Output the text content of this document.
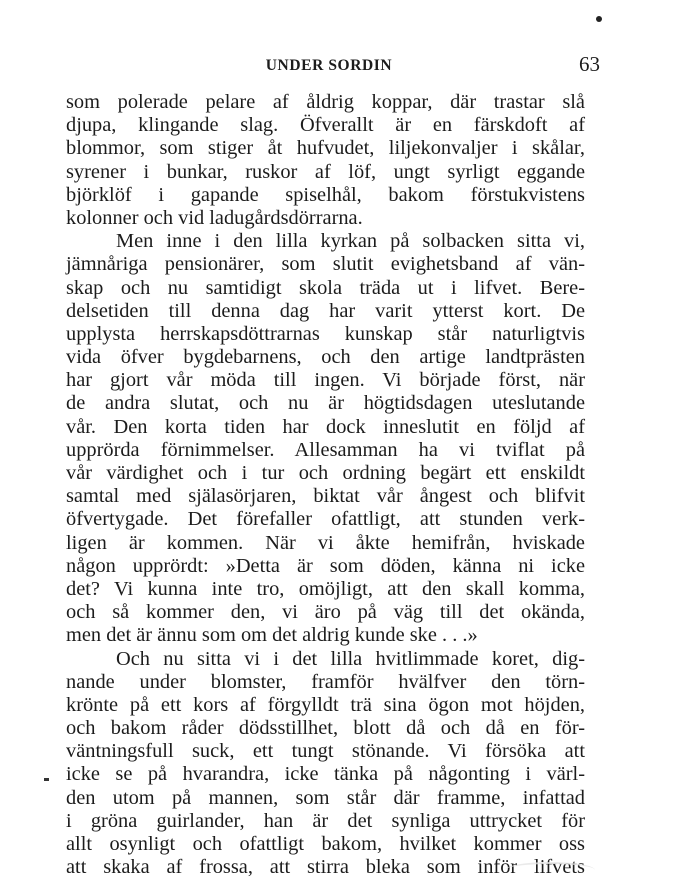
UNDER SORDIN	63
som polerade pelare af åldrig koppar, där trastar slå
djupa, klingande slag. Öfverallt är en färskdoft af
blommor, som stiger åt hufvudet, liljekonvaljer i skålar,
syrener i bunkar, ruskor af löf, ungt syrligt eggande
björklöf i gapande spiselhål, bakom förstukvistens
kolonner och vid ladugårdsdörrarna.
Men inne i den lilla kyrkan på solbacken sitta vi,
jämnåriga pensionärer, som slutit evighetsband af vän-
skap och nu samtidigt skola träda ut i lifvet. Bere-
delsetiden till denna dag har varit ytterst kort. De
upplysta herrskapsdöttrarnas kunskap står naturligtvis
vida öfver bygdebarnens, och den artige landtprästen
har gjort vår möda till ingen. Vi började först, när
de andra slutat, och nu är högtidsdagen uteslutande
vår. Den korta tiden har dock inneslutit en följd af
upprörda förnimmelser. Allesamman ha vi tviflat på
vår värdighet och i tur och ordning begärt ett enskildt
samtal med själasörjaren, biktat vår ångest och blifvit
öfvertygade. Det förefaller ofattligt, att stunden verk-
ligen är kommen. När vi åkte hemifrån, hviskade
någon upprördt: »Detta är som döden, känna ni icke
det? Vi kunna inte tro, omöjligt, att den skall komma,
och så kommer den, vi äro på väg till det okända,
men det är ännu som om det aldrig kunde ske . . .»
Och nu sitta vi i det lilla hvitlimmade koret, dig-
nande under blomster, framför hvälfver den törn-
krönte på ett kors af förgylldt trä sina ögon mot höjden,
och bakom råder dödsstillhet, blott då och då en för-
väntningsfull suck, ett tungt stönande. Vi försöka att
icke se på hvarandra, icke tänka på någonting i värl-
den utom på mannen, som står där framme, infattad
i gröna guirlander, han är det synliga uttrycket för
allt osynligt och ofattligt bakom, hvilket kommer oss
att skaka af frossa, att stirra bleka som inför lifvets
